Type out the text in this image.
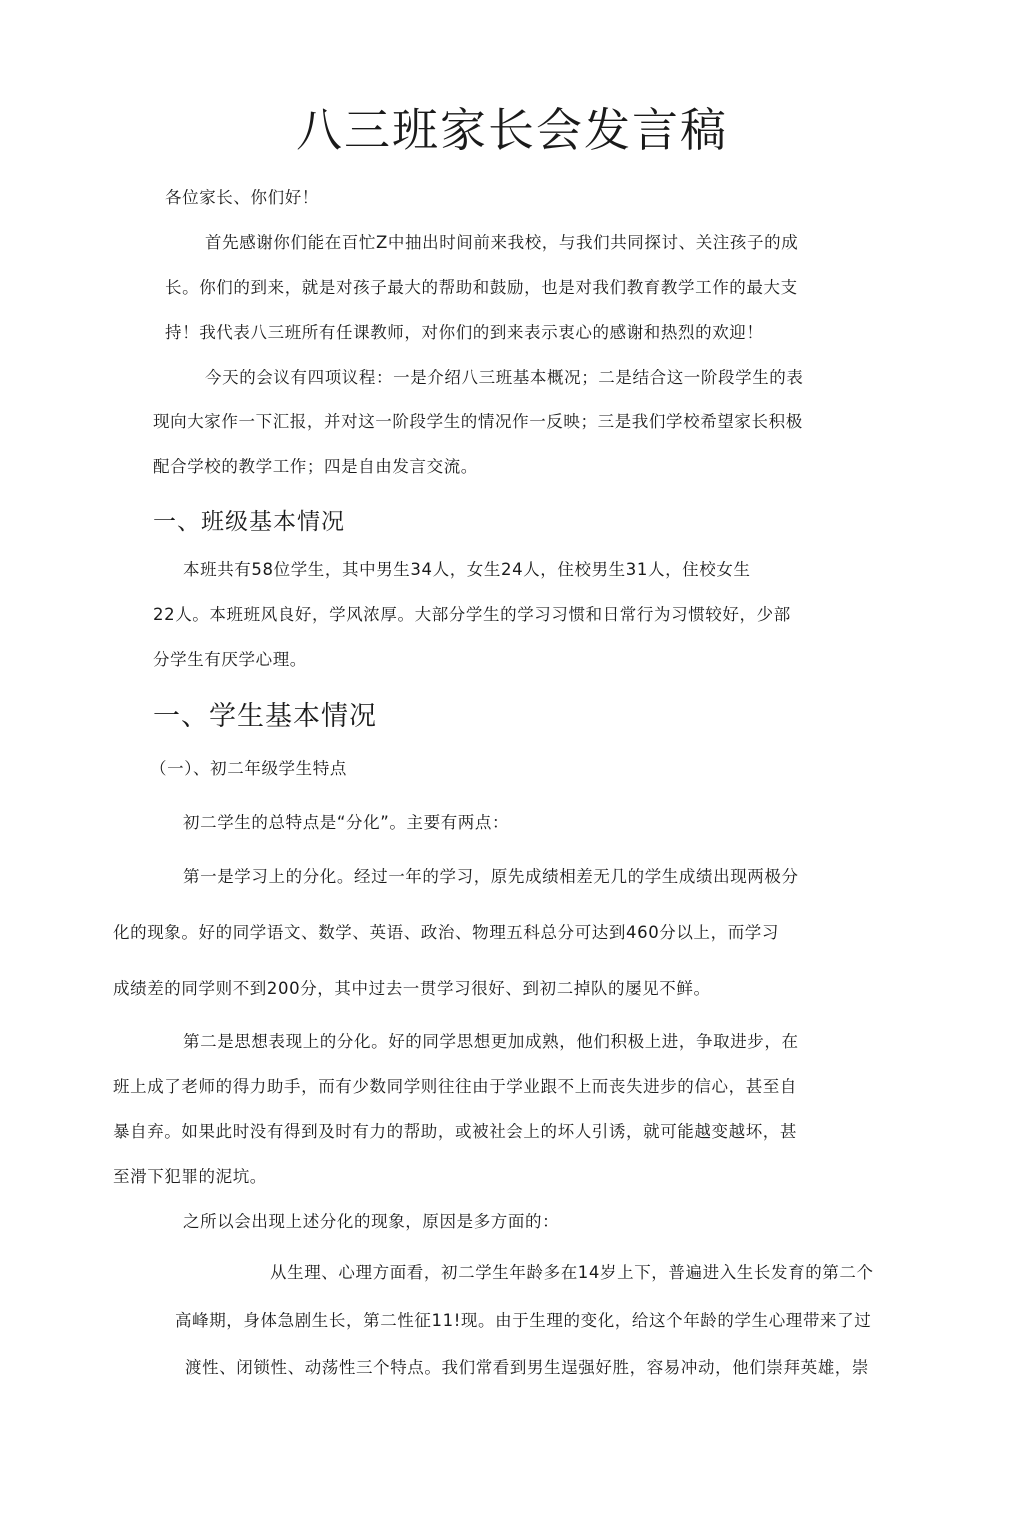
八三班家长会发言稿
各位家长、你们好！
首先感谢你们能在百忙Z中抽出时间前来我校，与我们共同探讨、关注孩子的成
长。你们的到来，就是对孩子最大的帮助和鼓励，也是对我们教育教学工作的最大支
持！我代表八三班所有任课教师，对你们的到来表示衷心的感谢和热烈的欢迎！
今天的会议有四项议程：一是介绍八三班基本概况；二是结合这一阶段学生的表
现向大家作一下汇报，并对这一阶段学生的情况作一反映；三是我们学校希望家长积极
配合学校的教学工作；四是自由发言交流。
一、班级基本情况
本班共有58位学生，其中男生34人，女生24人，住校男生31人，住校女生
22人。本班班风良好，学风浓厚。大部分学生的学习习惯和日常行为习惯较好，少部
分学生有厌学心理。
一、学生基本情况
（一）、初二年级学生特点
初二学生的总特点是“分化”。主要有两点：
第一是学习上的分化。经过一年的学习，原先成绩相差无几的学生成绩出现两极分
化的现象。好的同学语文、数学、英语、政治、物理五科总分可达到460分以上，而学习
成绩差的同学则不到200分，其中过去一贯学习很好、到初二掉队的屡见不鲜。
第二是思想表现上的分化。好的同学思想更加成熟，他们积极上进，争取进步，在
班上成了老师的得力助手，而有少数同学则往往由于学业跟不上而丧失进步的信心，甚至自
暴自弃。如果此时没有得到及时有力的帮助，或被社会上的坏人引诱，就可能越变越坏，甚
至滑下犯罪的泥坑。
之所以会出现上述分化的现象，原因是多方面的：
从生理、心理方面看，初二学生年龄多在14岁上下，普遍进入生长发育的第二个
高峰期，身体急剧生长，第二性征11!现。由于生理的变化，给这个年龄的学生心理带来了过
渡性、闭锁性、动荡性三个特点。我们常看到男生逞强好胜，容易冲动，他们崇拜英雄，崇
